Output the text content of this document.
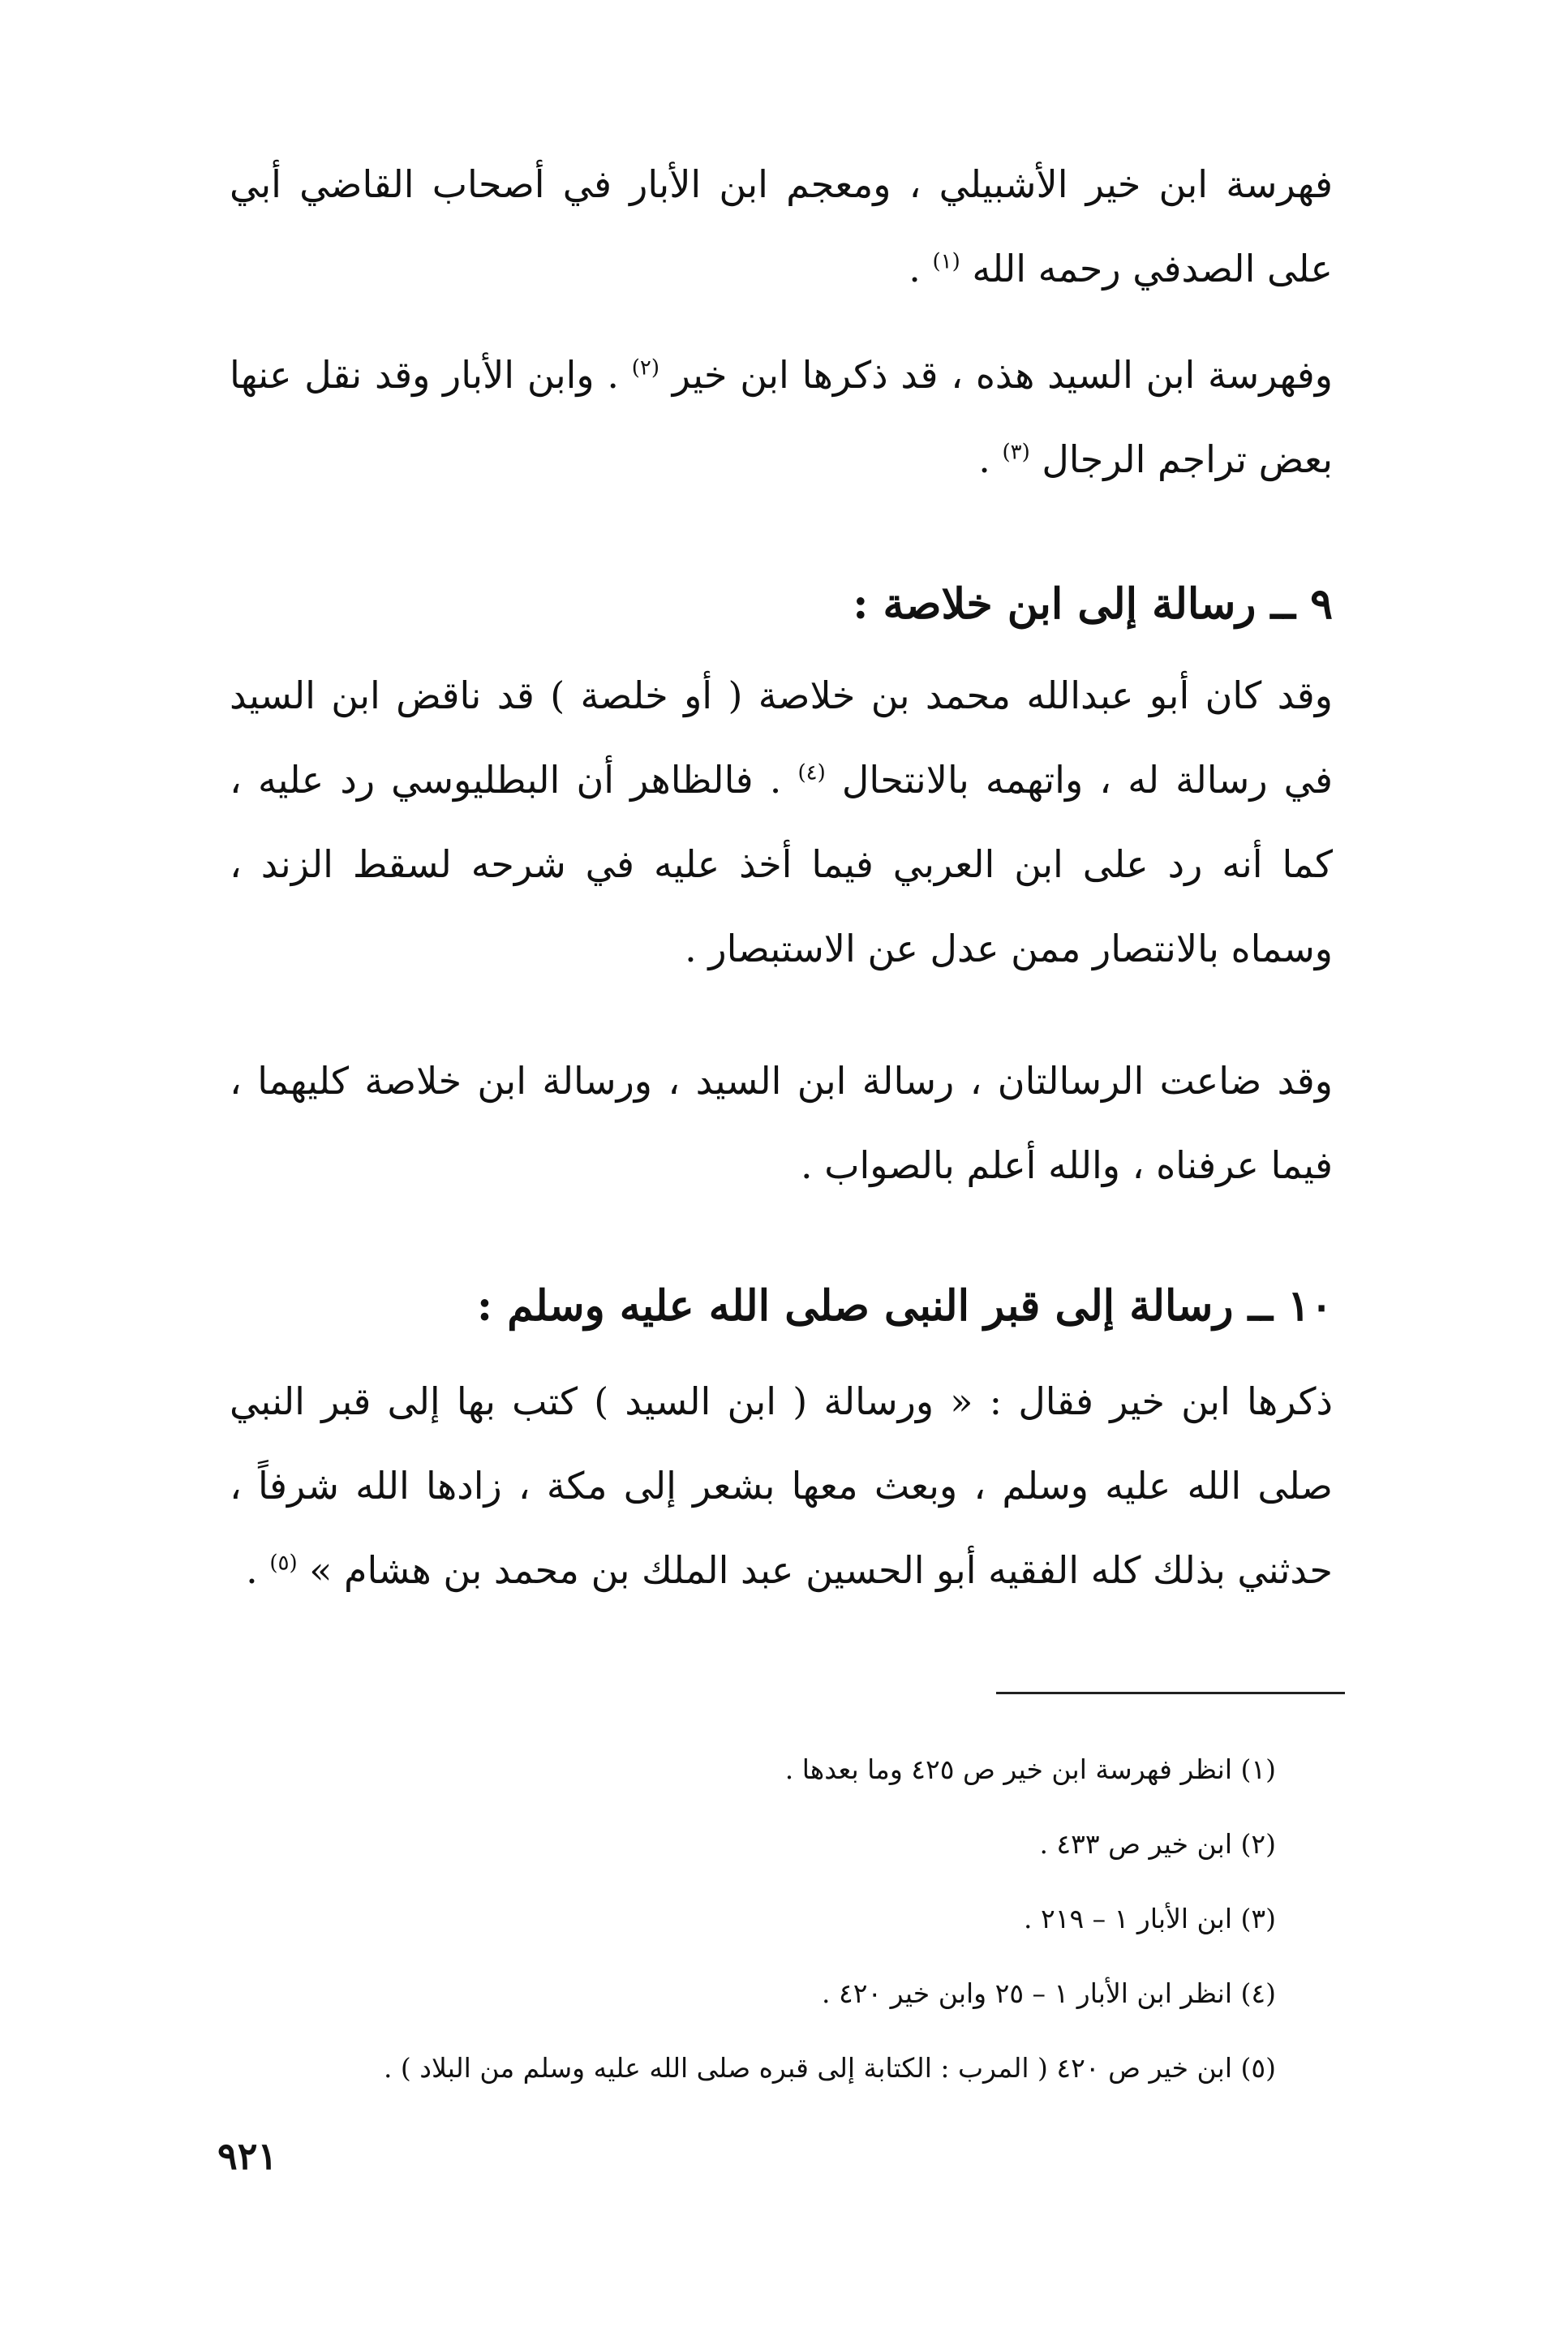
فهرسة ابن خير الأشبيلي ، ومعجم ابن الأبار في أصحاب القاضي أبي على الصدفي رحمه الله $^{(١)}$ .

وفهرسة ابن السيد هذه ، قد ذكرها ابن خير $^{(٢)}$ . وابن الأبار وقد نقل عنها بعض تراجم الرجال $^{(٣)}$ .

٩ ــ رسالة إلى ابن خلاصة :

وقد كان أبو عبدالله محمد بن خلاصة ( أو خلصة ) قد ناقض ابن السيد في رسالة له ، واتهمه بالانتحال $^{(٤)}$ . فالظاهر أن البطليوسي رد عليه ، كما أنه رد على ابن العربي فيما أخذ عليه في شرحه لسقط الزند ، وسماه بالانتصار ممن عدل عن الاستبصار .

وقد ضاعت الرسالتان ، رسالة ابن السيد ، ورسالة ابن خلاصة كليهما ، فيما عرفناه ، والله أعلم بالصواب .

١٠ ــ رسالة إلى قبر النبى صلى الله عليه وسلم :

ذكرها ابن خير فقال : « ورسالة ( ابن السيد ) كتب بها إلى قبر النبي صلى الله عليه وسلم ، وبعث معها بشعر إلى مكة ، زادها الله شرفاً ، حدثني بذلك كله الفقيه أبو الحسين عبد الملك بن محمد بن هشام » $^{(٥)}$ .

(١) انظر فهرسة ابن خير ص ٤٢٥ وما بعدها .

(٢) ابن خير ص ٤٣٣ .

(٣) ابن الأبار ١ – ٢١٩ .

(٤) انظر ابن الأبار ١ – ٢٥ وابن خير ٤٢٠ .

(٥) ابن خير ص ٤٢٠ ( المرب : الكتابة إلى قبره صلى الله عليه وسلم من البلاد ) .

٩٢١
